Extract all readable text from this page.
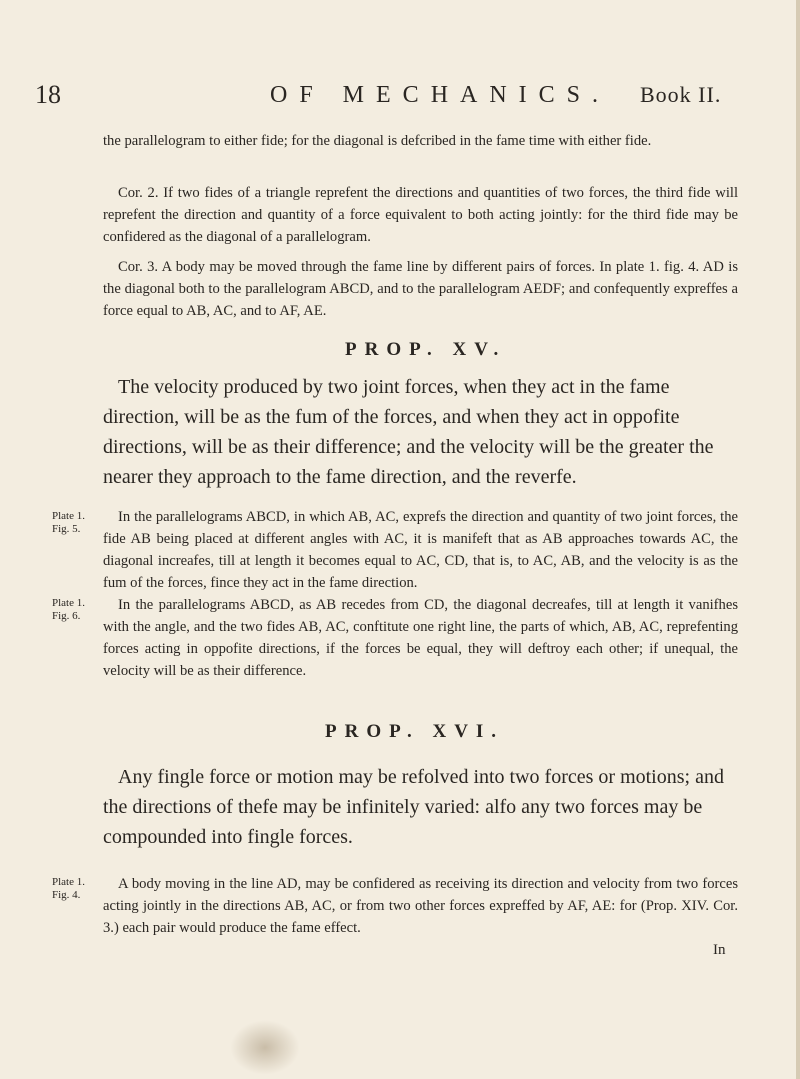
18	OF MECHANICS. Book II.

the parallelogram to either fide; for the diagonal is defcribed in the fame time with either fide.

Cor. 2. If two fides of a triangle reprefent the directions and quantities of two forces, the third fide will reprefent the direction and quantity of a force equivalent to both acting jointly: for the third fide may be confidered as the diagonal of a parallelogram.

Cor. 3. A body may be moved through the fame line by different pairs of forces. In plate 1. fig. 4. AD is the diagonal both to the parallelogram ABCD, and to the parallelogram AEDF; and confequently expreffes a force equal to AB, AC, and to AF, AE.

PROP. XV.

The velocity produced by two joint forces, when they act in the fame direction, will be as the fum of the forces, and when they act in oppofite directions, will be as their difference; and the velocity will be the greater the nearer they approach to the fame direction, and the reverfe.

Plate 1.
Fig. 5.

In the parallelograms ABCD, in which AB, AC, exprefs the direction and quantity of two joint forces, the fide AB being placed at different angles with AC, it is manifeft that as AB approaches towards AC, the diagonal increafes, till at length it becomes equal to AC, CD, that is, to AC, AB, and the velocity is as the fum of the forces, fince they act in the fame direction.

Plate 1.
Fig. 6.

In the parallelograms ABCD, as AB recedes from CD, the diagonal decreafes, till at length it vanifhes with the angle, and the two fides AB, AC, conftitute one right line, the parts of which, AB, AC, reprefenting forces acting in oppofite directions, if the forces be equal, they will deftroy each other; if unequal, the velocity will be as their difference.

PROP. XVI.

Any fingle force or motion may be refolved into two forces or motions; and the directions of thefe may be infinitely varied: alfo any two forces may be compounded into fingle forces.

Plate 1.
Fig. 4.

A body moving in the line AD, may be confidered as receiving its direction and velocity from two forces acting jointly in the directions AB, AC, or from two other forces expreffed by AF, AE: for (Prop. XIV. Cor. 3.) each pair would produce the fame effect.

In
